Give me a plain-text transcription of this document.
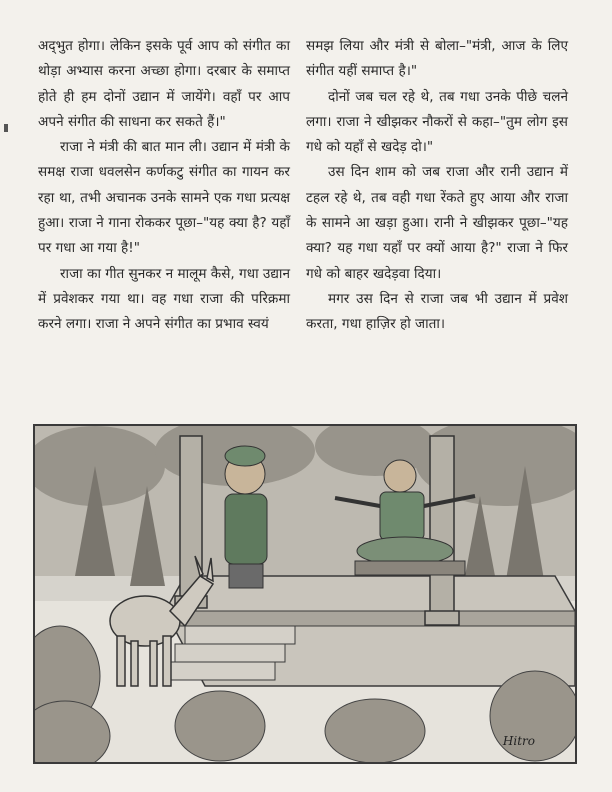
अद्‌भुत होगा। लेकिन इसके पूर्व आप को संगीत का थोड़ा अभ्यास करना अच्छा होगा। दरबार के समाप्त होते ही हम दोनों उद्यान में जायेंगे। वहाँ पर आप अपने संगीत की साधना कर सकते हैं।"

राजा ने मंत्री की बात मान ली। उद्यान में मंत्री के समक्ष राजा धवलसेन कर्णकटु संगीत का गायन कर रहा था, तभी अचानक उनके सामने एक गधा प्रत्यक्ष हुआ। राजा ने गाना रोककर पूछा–"यह क्या है? यहाँ पर गधा आ गया है!"

राजा का गीत सुनकर न मालूम कैसे, गधा उद्यान में प्रवेशकर गया था। वह गधा राजा की परिक्रमा करने लगा। राजा ने अपने संगीत का प्रभाव स्वयं

समझ लिया और मंत्री से बोला–"मंत्री, आज के लिए संगीत यहीं समाप्त है।"

दोनों जब चल रहे थे, तब गधा उनके पीछे चलने लगा। राजा ने खीझकर नौकरों से कहा–"तुम लोग इस गधे को यहाँ से खदेड़ दो।"

उस दिन शाम को जब राजा और रानी उद्यान में टहल रहे थे, तब वही गधा रेंकते हुए आया और राजा के सामने आ खड़ा हुआ। रानी ने खीझकर पूछा–"यह क्या? यह गधा यहाँ पर क्यों आया है?" राजा ने फिर गधे को बाहर खदेड़वा दिया।

मगर उस दिन से राजा जब भी उद्यान में प्रवेश करता, गधा हाज़िर हो जाता।

Hitro
